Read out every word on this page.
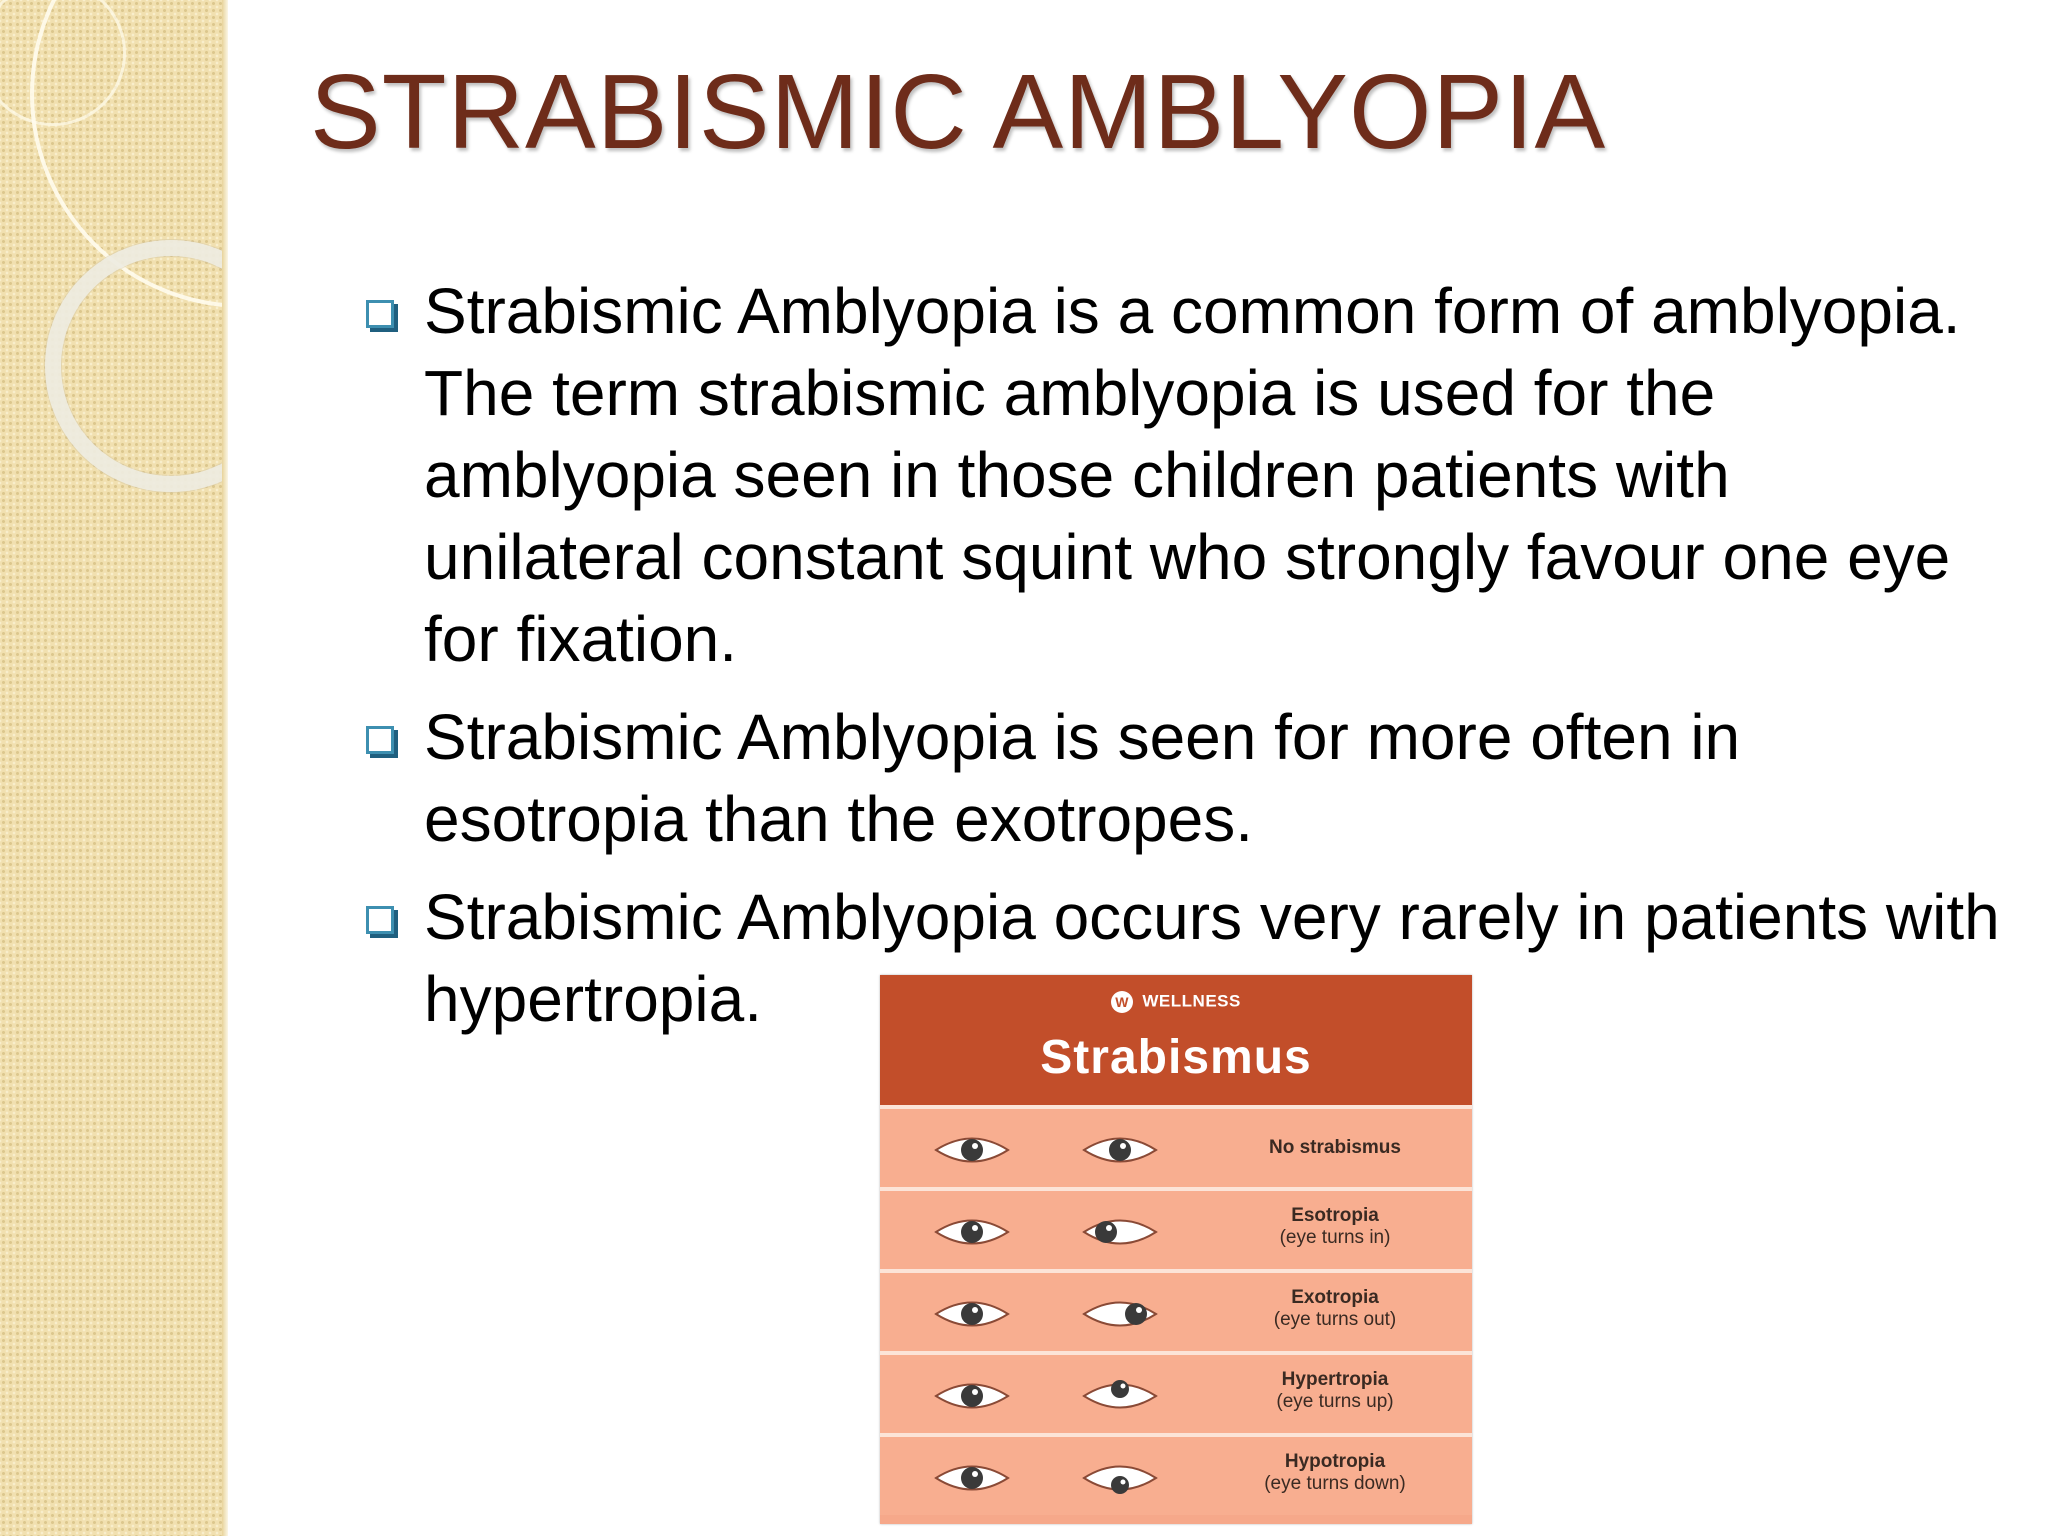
STRABISMIC AMBLYOPIA
Strabismic Amblyopia is a common form of amblyopia. The term strabismic amblyopia is used for the amblyopia seen in those children patients with unilateral constant squint who strongly favour one eye for fixation.
Strabismic Amblyopia is seen for more often in esotropia than the exotropes.
Strabismic Amblyopia occurs very rarely in patients with hypertropia.	W WELLNESS
Strabismus
No strabismus
Esotropia
(eye turns in)
Exotropia
(eye turns out)
Hypertropia
(eye turns up)
Hypotropia
(eye turns down)
